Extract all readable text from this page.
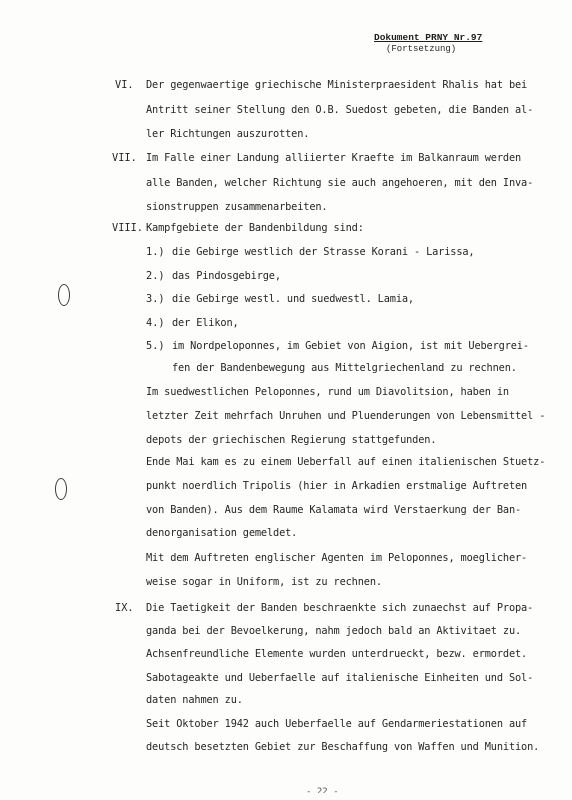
Dokument PRNY Nr.97
(Fortsetzung)
VI. Der gegenwaertige griechische Ministerpraesident Rhalis hat bei
Antritt seiner Stellung den O.B. Suedost gebeten, die Banden al-
ler Richtungen auszurotten.
VII. Im Falle einer Landung alliierter Kraefte im Balkanraum werden
alle Banden, welcher Richtung sie auch angehoeren, mit den Inva-
sionstruppen zusammenarbeiten.
VIII. Kampfgebiete der Bandenbildung sind:
1.) die Gebirge westlich der Strasse Korani - Larissa,
2.) das Pindosgebirge,
3.) die Gebirge westl. und suedwestl. Lamia,
4.) der Elikon,
5.) im Nordpeloponnes, im Gebiet von Aigion, ist mit Uebergrei-
fen der Bandenbewegung aus Mittelgriechenland zu rechnen.
Im suedwestlichen Peloponnes, rund um Diavolitsion, haben in
letzter Zeit mehrfach Unruhen und Pluenderungen von Lebensmittel -
depots der griechischen Regierung stattgefunden.
Ende Mai kam es zu einem Ueberfall auf einen italienischen Stuetz-
punkt noerdlich Tripolis (hier in Arkadien erstmalige Auftreten
von Banden). Aus dem Raume Kalamata wird Verstaerkung der Ban-
denorganisation gemeldet.
Mit dem Auftreten englischer Agenten im Peloponnes, moeglicher-
weise sogar in Uniform, ist zu rechnen.
IX. Die Taetigkeit der Banden beschraenkte sich zunaechst auf Propa-
ganda bei der Bevoelkerung, nahm jedoch bald an Aktivitaet zu.
Achsenfreundliche Elemente wurden unterdrueckt, bezw. ermordet.
Sabotageakte und Ueberfaelle auf italienische Einheiten und Sol-
daten nahmen zu.
Seit Oktober 1942 auch Ueberfaelle auf Gendarmeriestationen auf
deutsch besetzten Gebiet zur Beschaffung von Waffen und Munition.
- 22 -
